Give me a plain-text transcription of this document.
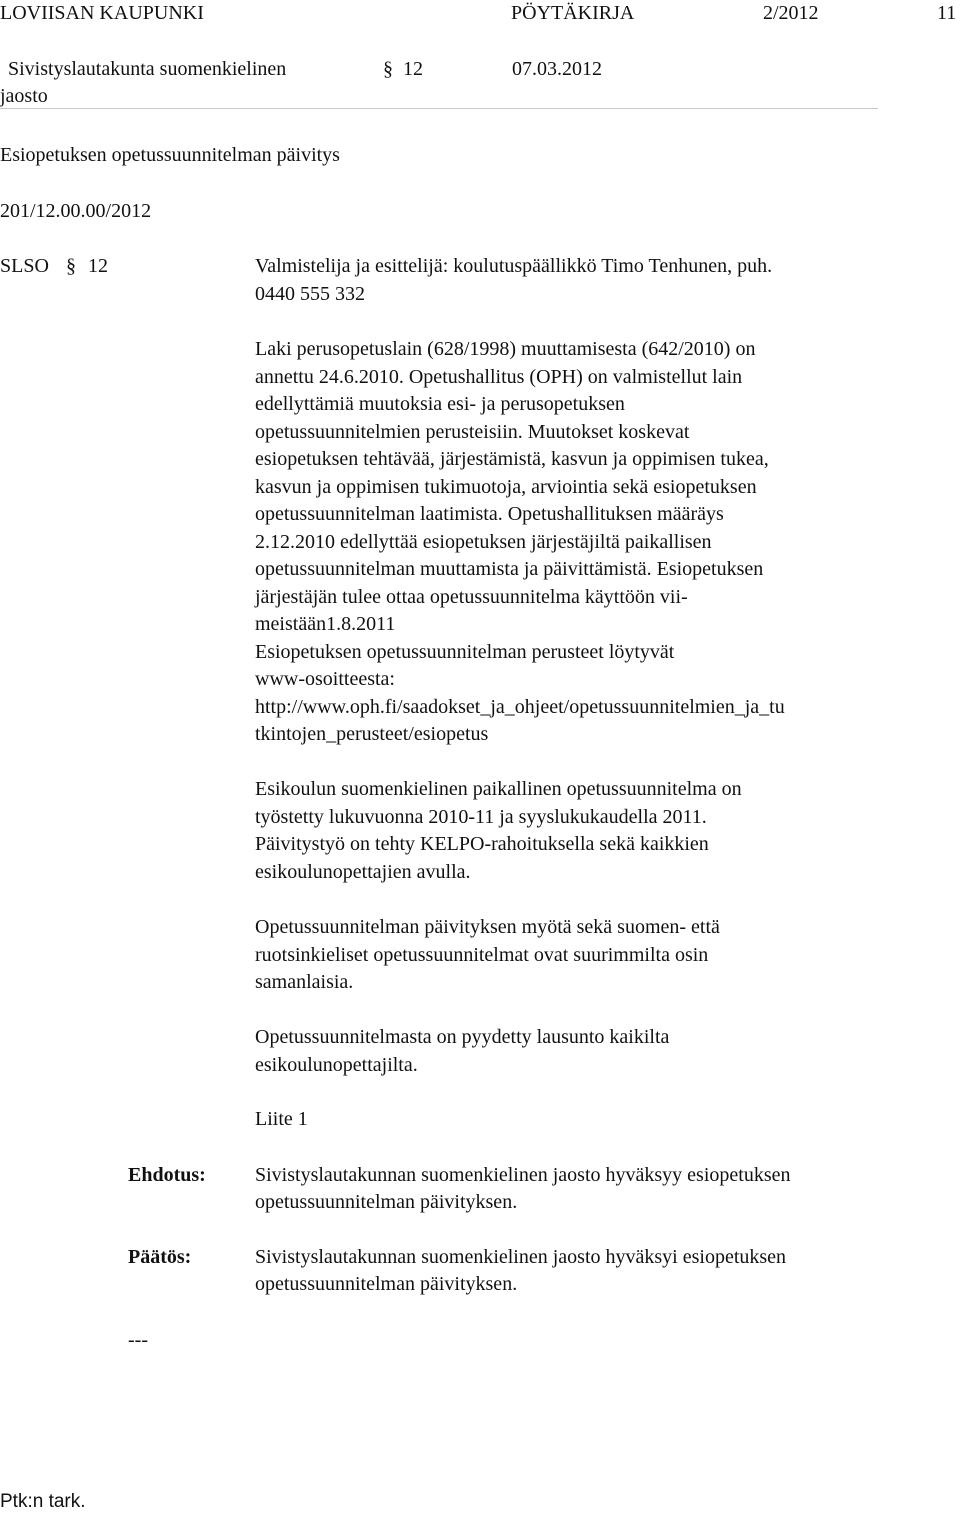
LOVIISAN KAUPUNKI	PÖYTÄKIRJA	2/2012	11
Sivistyslautakunta suomenkielinen
jaosto
§ 12	07.03.2012
Esiopetuksen opetussuunnitelman päivitys
201/12.00.00/2012
SLSO § 12	Valmistelija ja esittelijä: koulutuspäällikkö Timo Tenhunen, puh.
0440 555 332
Laki perusopetuslain (628/1998) muuttamisesta (642/2010) on
annettu 24.6.2010. Opetushallitus (OPH) on valmistellut lain
edellyttämiä muutoksia esi- ja perusopetuksen
opetussuunnitelmien perusteisiin. Muutokset koskevat
esiopetuksen tehtävää, järjestämistä, kasvun ja oppimisen tukea,
kasvun ja oppimisen tukimuotoja, arviointia sekä esiopetuksen
opetussuunnitelman laatimista. Opetushallituksen määräys
2.12.2010 edellyttää esiopetuksen järjestäjiltä paikallisen
opetussuunnitelman muuttamista ja päivittämistä. Esiopetuksen
järjestäjän tulee ottaa opetussuunnitelma käyttöön vii-
meistään1.8.2011
Esiopetuksen opetussuunnitelman perusteet löytyvät
www-osoitteesta:
http://www.oph.fi/saadokset_ja_ohjeet/opetussuunnitelmien_ja_tu
tkintojen_perusteet/esiopetus
Esikoulun suomenkielinen paikallinen opetussuunnitelma on
työstetty lukuvuonna 2010-11 ja syyslukukaudella 2011.
Päivitystyö on tehty KELPO-rahoituksella sekä kaikkien
esikoulunopettajien avulla.
Opetussuunnitelman päivityksen myötä sekä suomen- että
ruotsinkieliset opetussuunnitelmat ovat suurimmilta osin
samanlaisia.
Opetussuunnitelmasta on pyydetty lausunto kaikilta
esikoulunopettajilta.
Liite 1
Ehdotus: Sivistyslautakunnan suomenkielinen jaosto hyväksyy esiopetuksen
opetussuunnitelman päivityksen.
Päätös:	Sivistyslautakunnan suomenkielinen jaosto hyväksyi esiopetuksen
opetussuunnitelman päivityksen.
---
Ptk:n tark.
